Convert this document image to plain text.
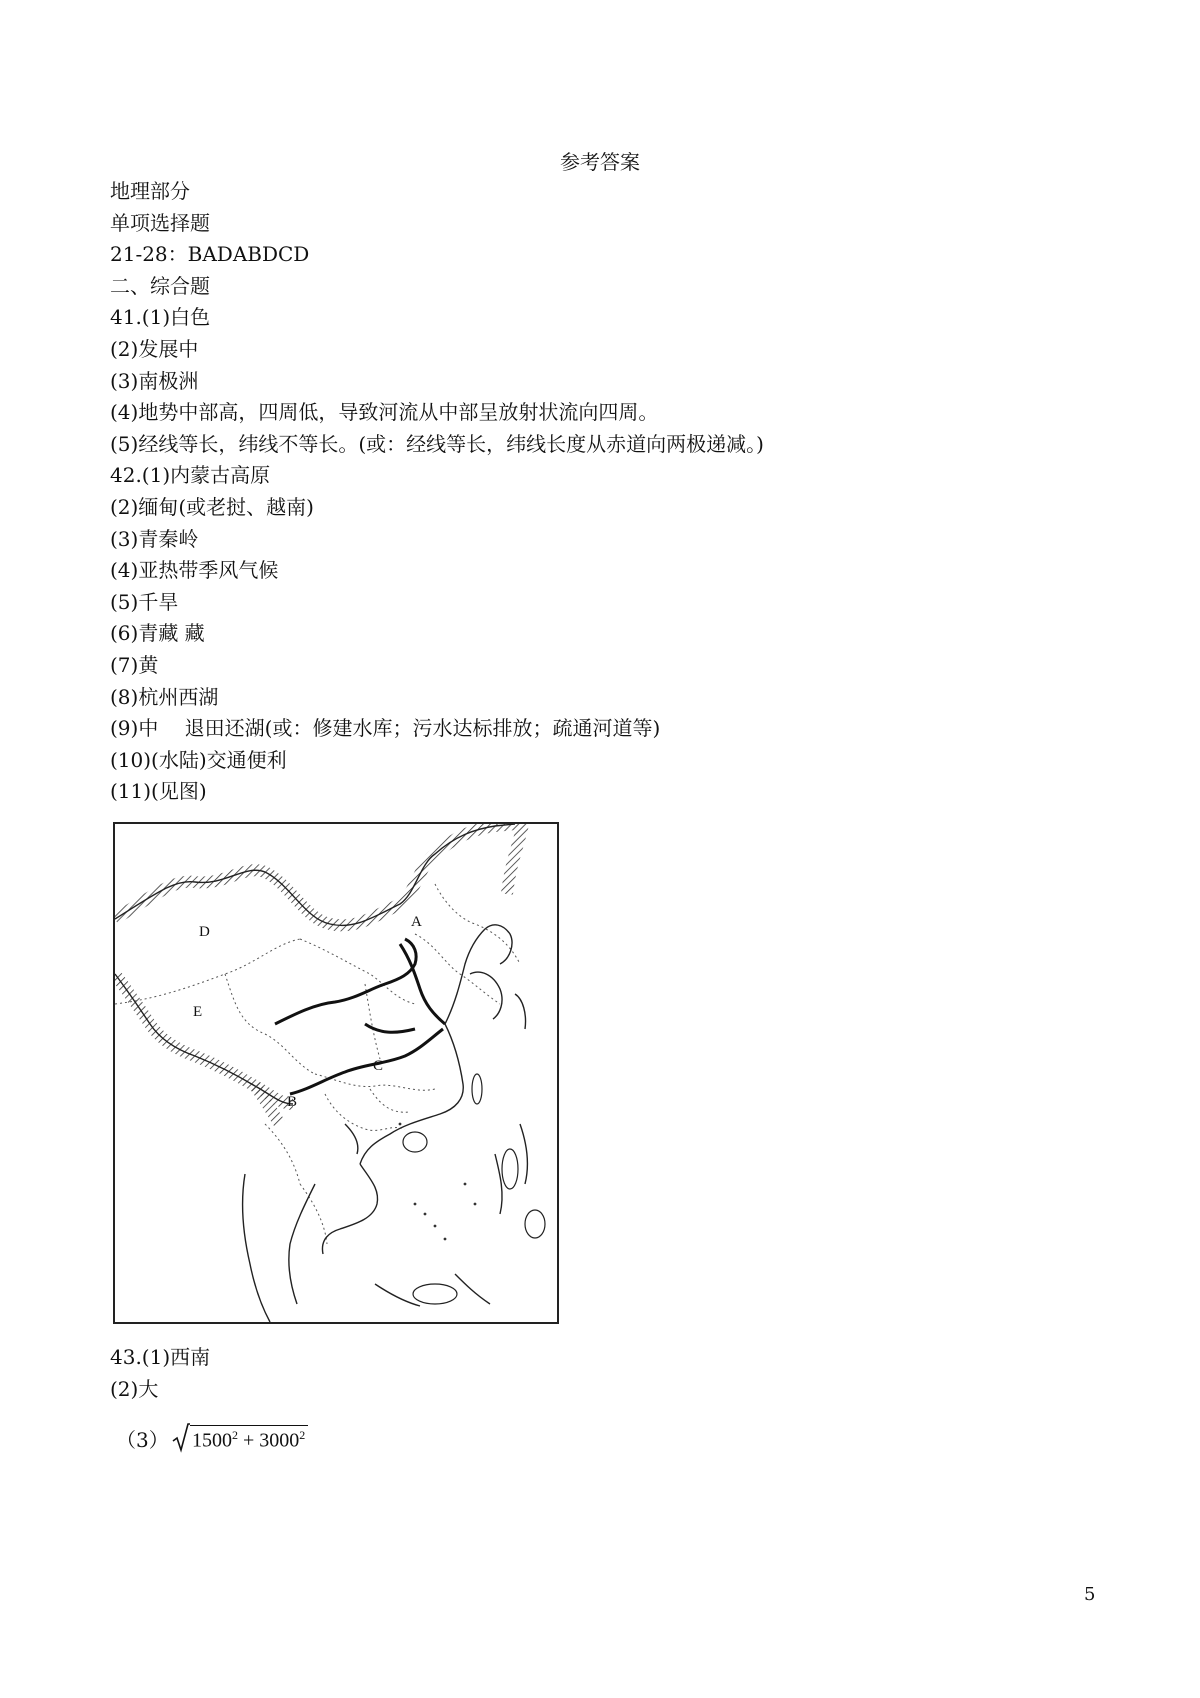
参考答案
地理部分
单项选择题
21-28：BADABDCD
二、综合题
41.(1)白色
(2)发展中
(3)南极洲
(4)地势中部高，四周低，导致河流从中部呈放射状流向四周。
(5)经线等长，纬线不等长。(或：经线等长，纬线长度从赤道向两极递减。)
42.(1)内蒙古高原
(2)缅甸(或老挝、越南)
(3)青秦岭
(4)亚热带季风气候
(5)千旱
(6)青藏 藏
(7)黄
(8)杭州西湖
(9)中　 退田还湖(或：修建水库；污水达标排放；疏通河道等)
(10)(水陆)交通便利
(11)(见图)
D
E
A
B
C
43.(1)西南
(2)大
（3） $1500^2 + 3000^2$
5
